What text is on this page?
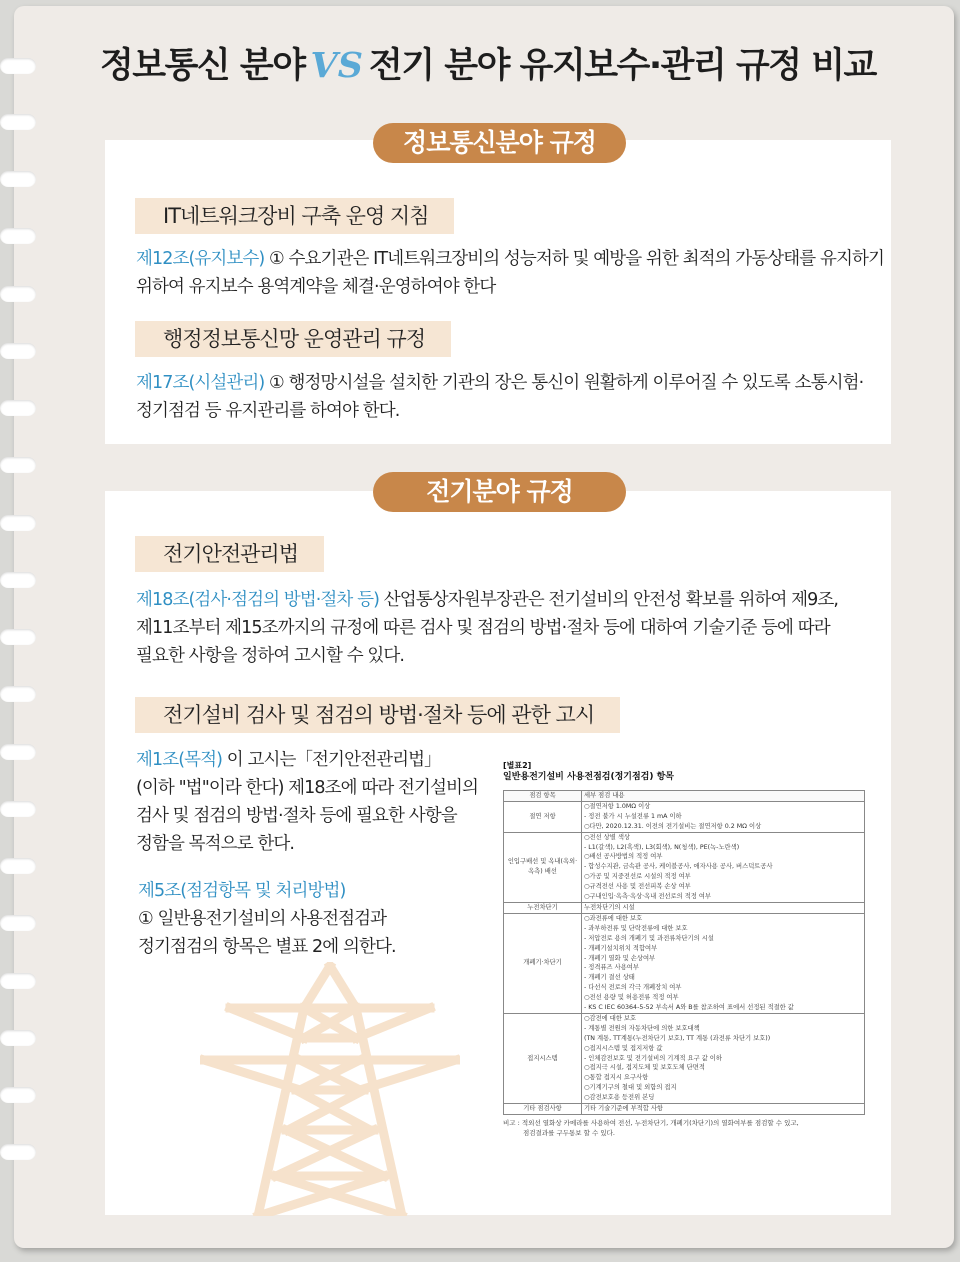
정보통신 분야 VS 전기 분야 유지보수·관리 규정 비교
정보통신분야 규정
IT네트워크장비 구축 운영 지침
제12조(유지보수) ① 수요기관은 IT네트워크장비의 성능저하 및 예방을 위한 최적의 가동상태를 유지하기
위하여 유지보수 용역계약을 체결·운영하여야 한다
행정정보통신망 운영관리 규정
제17조(시설관리) ① 행정망시설을 설치한 기관의 장은 통신이 원활하게 이루어질 수 있도록 소통시험·
정기점검 등 유지관리를 하여야 한다.
전기분야 규정
전기안전관리법
제18조(검사·점검의 방법·절차 등) 산업통상자원부장관은 전기설비의 안전성 확보를 위하여 제9조,
제11조부터 제15조까지의 규정에 따른 검사 및 점검의 방법·절차 등에 대하여 기술기준 등에 따라
필요한 사항을 정하여 고시할 수 있다.
전기설비 검사 및 점검의 방법·절차 등에 관한 고시
제1조(목적) 이 고시는「전기안전관리법」
(이하 "법"이라 한다) 제18조에 따라 전기설비의
검사 및 점검의 방법·절차 등에 필요한 사항을
정함을 목적으로 한다.
제5조(점검항목 및 처리방법)
① 일반용전기설비의 사용전점검과
정기점검의 항목은 별표 2에 의한다.
[별표2]
일반용전기설비 사용전점검(정기점검) 항목
점검 항목	세부 점검 내용
절연 저항	○절연저항 1.0MΩ 이상
	- 정전 불가 시 누설전류 1 mA 이하
	○다만, 2020.12.31. 이전의 전기설비는 절연저항 0.2 MΩ 이상
인입구배선 및 옥내(옥외·옥측) 배선	○전선 상별 색상
	- L1(갈색), L2(흑색), L3(회색), N(청색), PE(녹-노란색)
	○배선 공사방법의 적정 여부
	- 합성수지관, 금속관 공사, 케이블공사, 애자사용 공사, 버스덕트공사
	○가공 및 지중전선로 시설의 적정 여부
	○규격전선 사용 및 전선피복 손상 여부
	○구내인입·옥측·옥상·옥내 전선로의 적정 여부
누전차단기	누전차단기의 시설
개폐기·차단기	○과전류에 대한 보호
	- 과부하전류 및 단락전류에 대한 보호
	- 저압전로 용의 개폐기 및 과전류차단기의 시설
	- 개폐기설치위치 적합여부
	- 개폐기 열화 및 손상여부
	- 정격퓨즈 사용여부
	- 개폐기 결선 상태
	- 다선식 전로의 각극 개폐장치 여부
	○전선 용량 및 허용전류 적정 여부
	- KS C IEC 60364-5-52 부속서 A와 B를 참조하여 표에서 선정된 적절한 값
접지시스템	○감전에 대한 보호
	- 계통별 전원의 자동차단에 의한 보호대책
	(TN 계통, TT계통(누전차단기 보호), TT 계통 (과전류 차단기 보호))
	○접지시스템 및 접지저항 값
	- 인체감전보호 및 전기설비의 기계적 요구 값 이하
	○접지극 시설, 접지도체 및 보호도체 단면적
	○통합 접지시 요구사항
	○기계기구의 철대 및 외함의 접지
	○감전보호용 등전위 본딩
기타 점검사항	기타 기술기준에 부적합 사항
비고 : 적외선 열화상 카메라를 사용하여 전선, 누전차단기, 개폐기(차단기)의 열화여부를 점검할 수 있고,
점검결과를 구두통보 할 수 있다.
